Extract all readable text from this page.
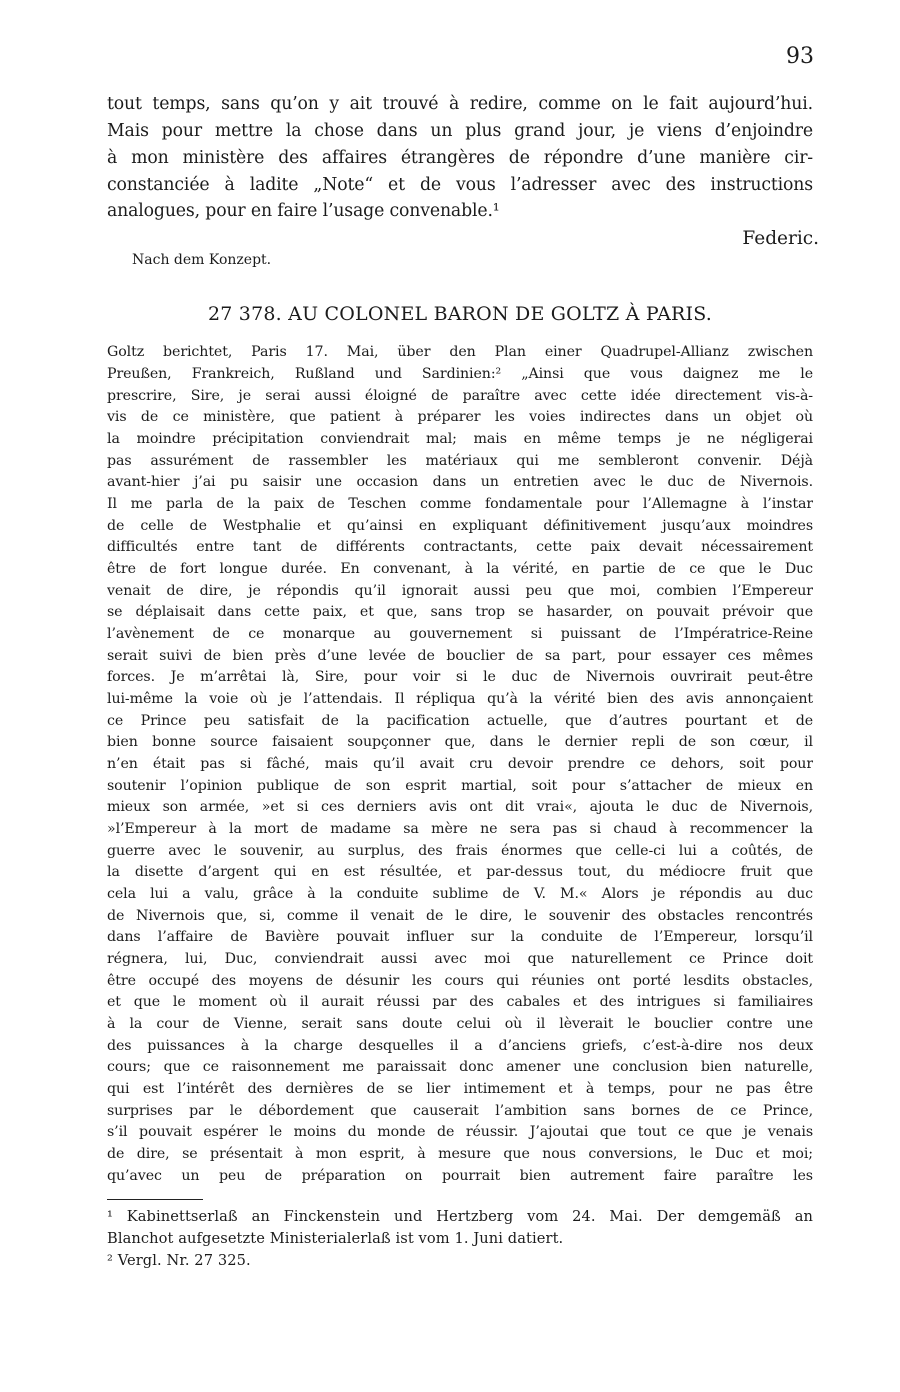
93

tout temps, sans qu’on y ait trouvé à redire, comme on le fait aujourd’hui.

Mais pour mettre la chose dans un plus grand jour, je viens d’enjoindre

à mon ministère des affaires étrangères de répondre d’une manière cir-

constanciée à ladite „Note“ et de vous l’adresser avec des instructions

analogues, pour en faire l’usage convenable.¹

Federic.
Nach dem Konzept.
27 378. AU COLONEL BARON DE GOLTZ À PARIS.

Goltz berichtet, Paris 17. Mai, über den Plan einer Quadrupel-Allianz zwischen

Preußen, Frankreich, Rußland und Sardinien:² „Ainsi que vous daignez me le

prescrire, Sire, je serai aussi éloigné de paraître avec cette idée directement vis-à-

vis de ce ministère, que patient à préparer les voies indirectes dans un objet où

la moindre précipitation conviendrait mal; mais en même temps je ne négligerai

pas assurément de rassembler les matériaux qui me sembleront convenir. Déjà

avant-hier j’ai pu saisir une occasion dans un entretien avec le duc de Nivernois.

Il me parla de la paix de Teschen comme fondamentale pour l’Allemagne à l’instar

de celle de Westphalie et qu’ainsi en expliquant définitivement jusqu’aux moindres

difficultés entre tant de différents contractants, cette paix devait nécessairement

être de fort longue durée. En convenant, à la vérité, en partie de ce que le Duc

venait de dire, je répondis qu’il ignorait aussi peu que moi, combien l’Empereur

se déplaisait dans cette paix, et que, sans trop se hasarder, on pouvait prévoir que

l’avènement de ce monarque au gouvernement si puissant de l’Impératrice-Reine

serait suivi de bien près d’une levée de bouclier de sa part, pour essayer ces mêmes

forces. Je m’arrêtai là, Sire, pour voir si le duc de Nivernois ouvrirait peut-être

lui-même la voie où je l’attendais. Il répliqua qu’à la vérité bien des avis annonçaient

ce Prince peu satisfait de la pacification actuelle, que d’autres pourtant et de

bien bonne source faisaient soupçonner que, dans le dernier repli de son cœur, il

n’en était pas si fâché, mais qu’il avait cru devoir prendre ce dehors, soit pour

soutenir l’opinion publique de son esprit martial, soit pour s’attacher de mieux en

mieux son armée, »et si ces derniers avis ont dit vrai«, ajouta le duc de Nivernois,

»l’Empereur à la mort de madame sa mère ne sera pas si chaud à recommencer la

guerre avec le souvenir, au surplus, des frais énormes que celle-ci lui a coûtés, de

la disette d’argent qui en est résultée, et par-dessus tout, du médiocre fruit que

cela lui a valu, grâce à la conduite sublime de V. M.« Alors je répondis au duc

de Nivernois que, si, comme il venait de le dire, le souvenir des obstacles rencontrés

dans l’affaire de Bavière pouvait influer sur la conduite de l’Empereur, lorsqu’il

régnera, lui, Duc, conviendrait aussi avec moi que naturellement ce Prince doit

être occupé des moyens de désunir les cours qui réunies ont porté lesdits obstacles,

et que le moment où il aurait réussi par des cabales et des intrigues si familiaires

à la cour de Vienne, serait sans doute celui où il lèverait le bouclier contre une

des puissances à la charge desquelles il a d’anciens griefs, c’est-à-dire nos deux

cours; que ce raisonnement me paraissait donc amener une conclusion bien naturelle,

qui est l’intérêt des dernières de se lier intimement et à temps, pour ne pas être

surprises par le débordement que causerait l’ambition sans bornes de ce Prince,

s’il pouvait espérer le moins du monde de réussir. J’ajoutai que tout ce que je venais

de dire, se présentait à mon esprit, à mesure que nous conversions, le Duc et moi;

qu’avec un peu de préparation on pourrait bien autrement faire paraître les

¹ Kabinettserlaß an Finckenstein und Hertzberg vom 24. Mai. Der demgemäß an

Blanchot aufgesetzte Ministerialerlaß ist vom 1. Juni datiert.

² Vergl. Nr. 27 325.
